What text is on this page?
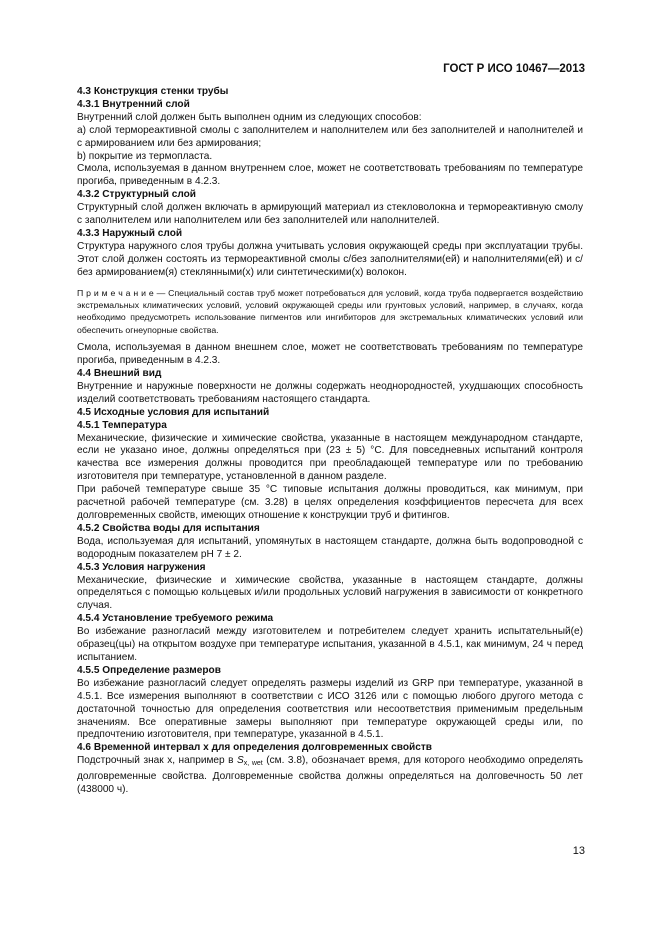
ГОСТ Р ИСО 10467—2013

4.3 Конструкция стенки трубы

4.3.1 Внутренний слой

Внутренний слой должен быть выполнен одним из следующих способов:

a) слой термореактивной смолы с заполнителем и наполнителем или без заполнителей и наполнителей и с армированием или без армирования;

b) покрытие из термопласта.

Смола, используемая в данном внутреннем слое, может не соответствовать требованиям по температуре прогиба, приведенным в 4.2.3.

4.3.2 Структурный слой

Структурный слой должен включать в армирующий материал из стекловолокна и термореактивную смолу с заполнителем или наполнителем или без заполнителей или наполнителей.

4.3.3 Наружный слой

Структура наружного слоя трубы должна учитывать условия окружающей среды при эксплуатации трубы. Этот слой должен состоять из термореактивной смолы с/без заполнителями(ей) и наполнителями(ей) и с/без армированием(я) стеклянными(х) или синтетическими(х) волокон.

П р и м е ч а н и е — Специальный состав труб может потребоваться для условий, когда труба подвергается воздействию экстремальных климатических условий, условий окружающей среды или грунтовых условий, например, в случаях, когда необходимо предусмотреть использование пигментов или ингибиторов для экстремальных климатических условий или обеспечить огнеупорные свойства.

Смола, используемая в данном внешнем слое, может не соответствовать требованиям по температуре прогиба, приведенным в 4.2.3.

4.4 Внешний вид

Внутренние и наружные поверхности не должны содержать неоднородностей, ухудшающих способность изделий соответствовать требованиям настоящего стандарта.

4.5 Исходные условия для испытаний

4.5.1 Температура

Механические, физические и химические свойства, указанные в настоящем международном стандарте, если не указано иное, должны определяться при (23 ± 5) °C. Для повседневных испытаний контроля качества все измерения должны проводится при преобладающей температуре или по требованию изготовителя при температуре, установленной в данном разделе.

При рабочей температуре свыше 35 °C типовые испытания должны проводиться, как минимум, при расчетной рабочей температуре (см. 3.28) в целях определения коэффициентов пересчета для всех долговременных свойств, имеющих отношение к конструкции труб и фитингов.

4.5.2 Свойства воды для испытания

Вода, используемая для испытаний, упомянутых в настоящем стандарте, должна быть водопроводной с водородным показателем pH 7 ± 2.

4.5.3 Условия нагружения

Механические, физические и химические свойства, указанные в настоящем стандарте, должны определяться с помощью кольцевых и/или продольных условий нагружения в зависимости от конкретного случая.

4.5.4 Установление требуемого режима

Во избежание разногласий между изготовителем и потребителем следует хранить испытательный(е) образец(цы) на открытом воздухе при температуре испытания, указанной в 4.5.1, как минимум, 24 ч перед испытанием.

4.5.5 Определение размеров

Во избежание разногласий следует определять размеры изделий из GRP при температуре, указанной в 4.5.1. Все измерения выполняют в соответствии с ИСО 3126 или с помощью любого другого метода с достаточной точностью для определения соответствия или несоответствия применимым предельным значениям. Все оперативные замеры выполняют при температуре окружающей среды или, по предпочтению изготовителя, при температуре, указанной в 4.5.1.

4.6 Временной интервал x для определения долговременных свойств

Подстрочный знак x, например в $S_{x, wet}$ (см. 3.8), обозначает время, для которого необходимо определять долговременные свойства. Долговременные свойства должны определяться на долговечность 50 лет (438000 ч).

13
